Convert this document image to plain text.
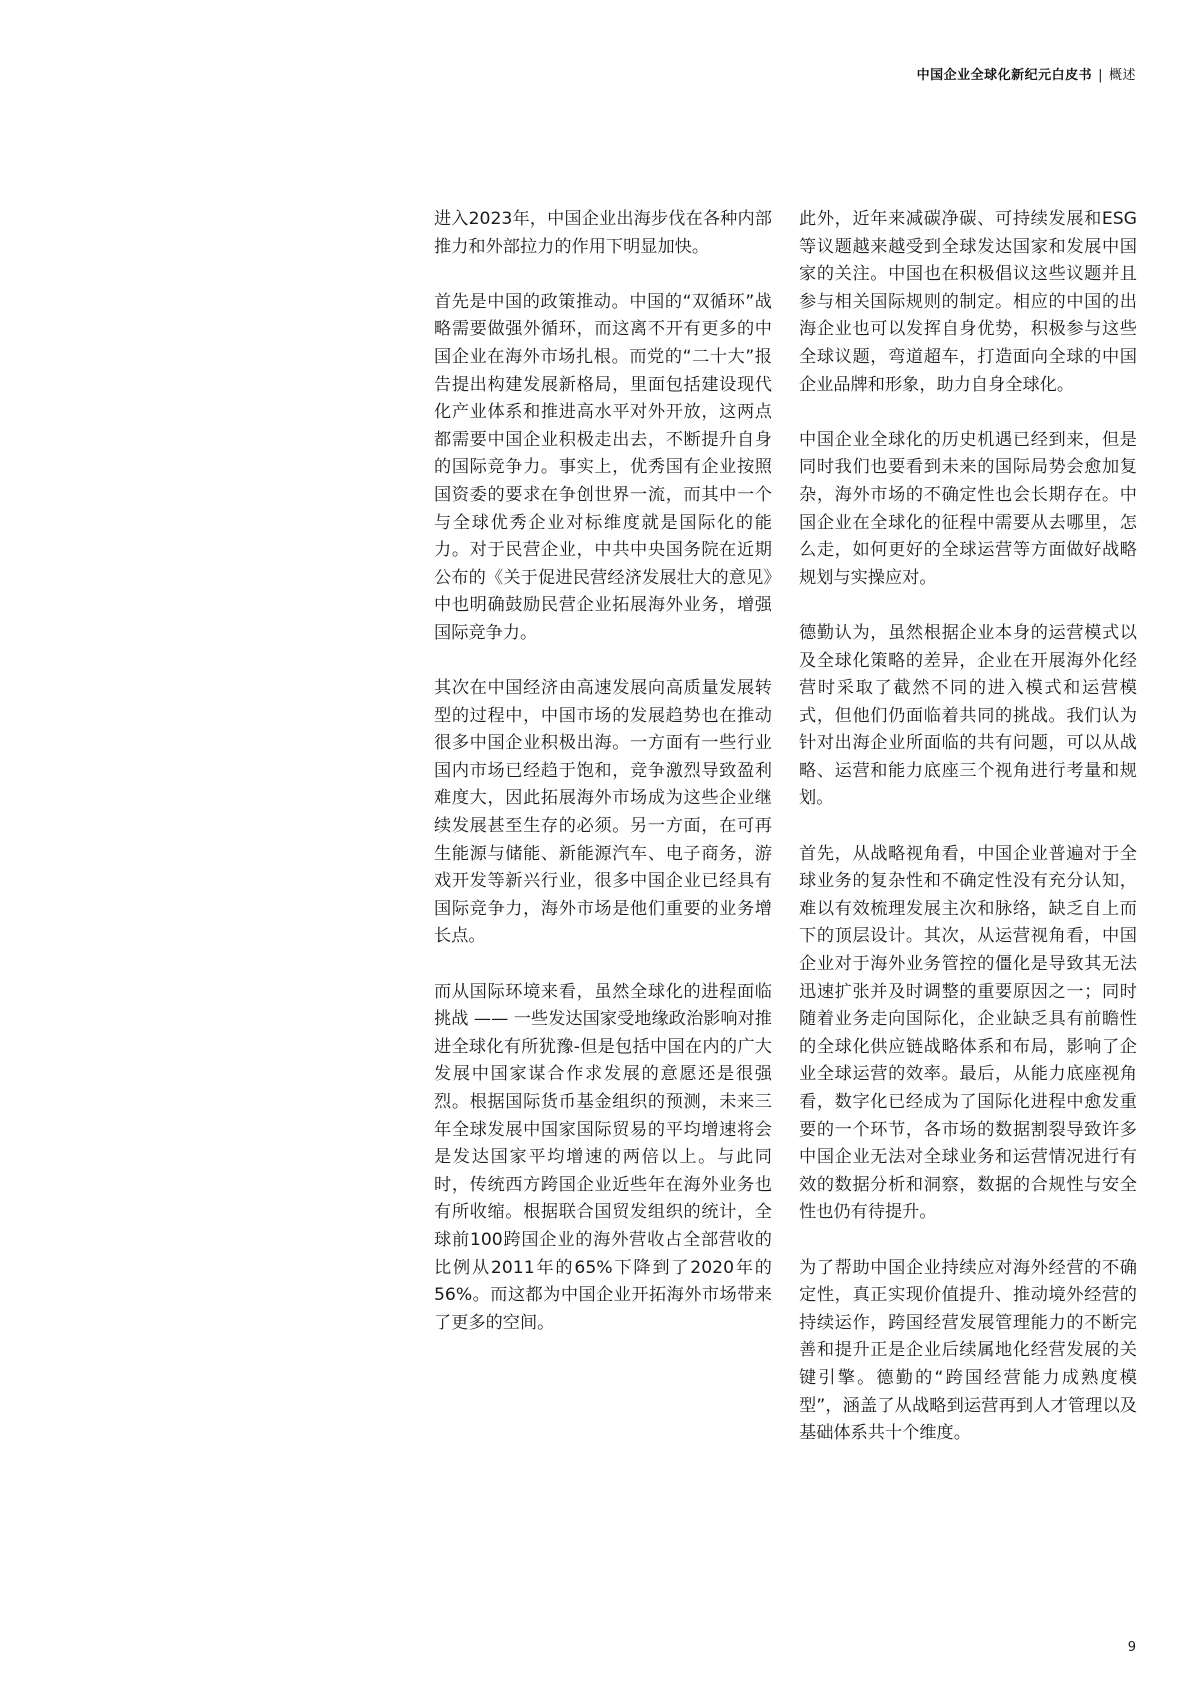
中国企业全球化新纪元白皮书 | 概述

进入2023年，中国企业出海步伐在各种内部推力和外部拉力的作用下明显加快。

首先是中国的政策推动。中国的“双循环”战略需要做强外循环，而这离不开有更多的中国企业在海外市场扎根。而党的“二十大”报告提出构建发展新格局，里面包括建设现代化产业体系和推进高水平对外开放，这两点都需要中国企业积极走出去，不断提升自身的国际竞争力。事实上，优秀国有企业按照国资委的要求在争创世界一流，而其中一个与全球优秀企业对标维度就是国际化的能力。对于民营企业，中共中央国务院在近期公布的《关于促进民营经济发展壮大的意见》中也明确鼓励民营企业拓展海外业务，增强国际竞争力。

其次在中国经济由高速发展向高质量发展转型的过程中，中国市场的发展趋势也在推动很多中国企业积极出海。一方面有一些行业国内市场已经趋于饱和，竞争激烈导致盈利难度大，因此拓展海外市场成为这些企业继续发展甚至生存的必须。另一方面，在可再生能源与储能、新能源汽车、电子商务，游戏开发等新兴行业，很多中国企业已经具有国际竞争力，海外市场是他们重要的业务增长点。

而从国际环境来看，虽然全球化的进程面临挑战 —— 一些发达国家受地缘政治影响对推进全球化有所犹豫-但是包括中国在内的广大发展中国家谋合作求发展的意愿还是很强烈。根据国际货币基金组织的预测，未来三年全球发展中国家国际贸易的平均增速将会是发达国家平均增速的两倍以上。与此同时，传统西方跨国企业近些年在海外业务也有所收缩。根据联合国贸发组织的统计，全球前100跨国企业的海外营收占全部营收的比例从2011年的65%下降到了2020年的56%。而这都为中国企业开拓海外市场带来了更多的空间。

此外，近年来减碳净碳、可持续发展和ESG等议题越来越受到全球发达国家和发展中国家的关注。中国也在积极倡议这些议题并且参与相关国际规则的制定。相应的中国的出海企业也可以发挥自身优势，积极参与这些全球议题，弯道超车，打造面向全球的中国企业品牌和形象，助力自身全球化。

中国企业全球化的历史机遇已经到来，但是同时我们也要看到未来的国际局势会愈加复杂，海外市场的不确定性也会长期存在。中国企业在全球化的征程中需要从去哪里，怎么走，如何更好的全球运营等方面做好战略规划与实操应对。

德勤认为，虽然根据企业本身的运营模式以及全球化策略的差异，企业在开展海外化经营时采取了截然不同的进入模式和运营模式，但他们仍面临着共同的挑战。我们认为针对出海企业所面临的共有问题，可以从战略、运营和能力底座三个视角进行考量和规划。

首先，从战略视角看，中国企业普遍对于全球业务的复杂性和不确定性没有充分认知，难以有效梳理发展主次和脉络，缺乏自上而下的顶层设计。其次，从运营视角看，中国企业对于海外业务管控的僵化是导致其无法迅速扩张并及时调整的重要原因之一；同时随着业务走向国际化，企业缺乏具有前瞻性的全球化供应链战略体系和布局，影响了企业全球运营的效率。最后，从能力底座视角看，数字化已经成为了国际化进程中愈发重要的一个环节，各市场的数据割裂导致许多中国企业无法对全球业务和运营情况进行有效的数据分析和洞察，数据的合规性与安全性也仍有待提升。

为了帮助中国企业持续应对海外经营的不确定性，真正实现价值提升、推动境外经营的持续运作，跨国经营发展管理能力的不断完善和提升正是企业后续属地化经营发展的关键引擎。德勤的“跨国经营能力成熟度模型”，涵盖了从战略到运营再到人才管理以及基础体系共十个维度。

9
